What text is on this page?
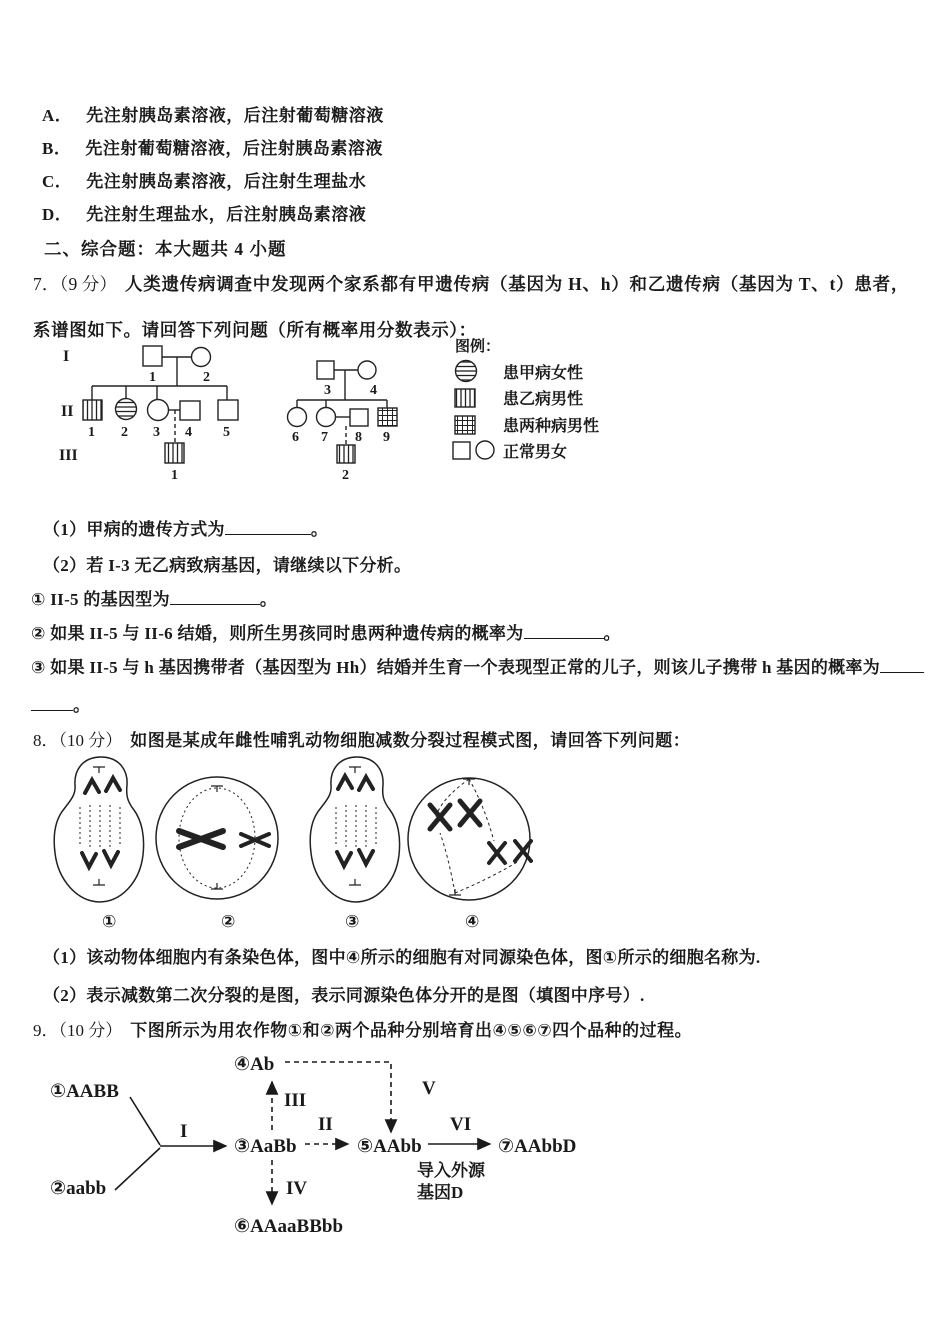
A． 先注射胰岛素溶液，后注射葡萄糖溶液
B． 先注射葡萄糖溶液，后注射胰岛素溶液
C． 先注射胰岛素溶液，后注射生理盐水
D． 先注射生理盐水，后注射胰岛素溶液
二、综合题：本大题共 4 小题
7．（9 分） 人类遗传病调查中发现两个家系都有甲遗传病（基因为 H、h）和乙遗传病（基因为 T、t）患者，系谱图如下。请回答下列问题（所有概率用分数表示）：
I
II
III
1	2
1 2 3 4 5
1
3	4
6 7 8 9
2
图例：
患甲病女性
患乙病男性
患两种病男性
正常男女
（1）甲病的遗传方式为	。
（2）若 I-3 无乙病致病基因，请继续以下分析。
① II-5 的基因型为	。
② 如果 II-5 与 II-6 结婚，则所生男孩同时患两种遗传病的概率为	。
③ 如果 II-5 与 h 基因携带者（基因型为 Hh）结婚并生育一个表现型正常的儿子，则该儿子携带 h 基因的概率为
。
8．（10 分） 如图是某成年雌性哺乳动物细胞减数分裂过程模式图，请回答下列问题：
①	②	③	④
（1）该动物体细胞内有条染色体，图中④所示的细胞有对同源染色体，图①所示的细胞名称为.
（2）表示减数第二次分裂的是图，表示同源染色体分开的是图（填图中序号）.
9．（10 分） 下图所示为用农作物①和②两个品种分别培育出④⑤⑥⑦四个品种的过程。
①AABB
②aabb
③AaBb
④Ab
⑤AAbb
⑥AAaaBBbb
⑦AAbbD
I	II
III
IV
V
VI
导入外源
基因D
